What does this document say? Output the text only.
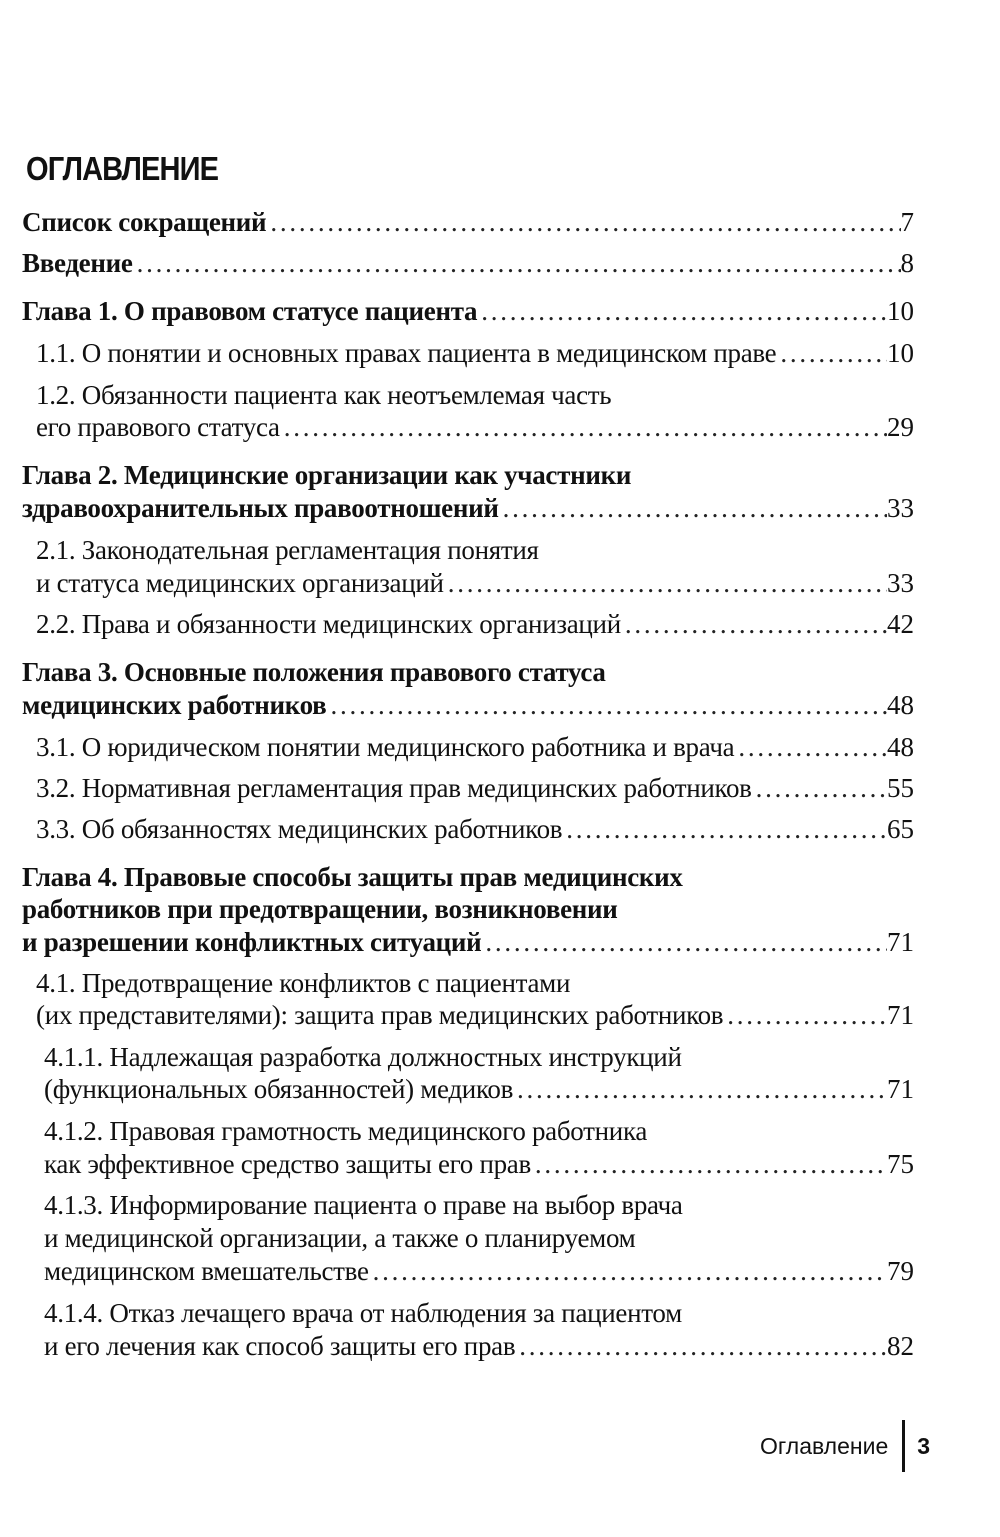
ОГЛАВЛЕНИЕ
Список сокращений . . .	7
Введение . . .	8
Глава 1. О правовом статусе пациента . . .	10
1.1. О понятии и основных правах пациента в медицинском праве . . .	10
1.2. Обязанности пациента как неотъемлемая часть
его правового статуса . . .	29
Глава 2. Медицинские организации как участники
здравоохранительных правоотношений . . .	33
2.1. Законодательная регламентация понятия
и статуса медицинских организаций . . .	33
2.2. Права и обязанности медицинских организаций . . .	42
Глава 3. Основные положения правового статуса
медицинских работников . . .	48
3.1. О юридическом понятии медицинского работника и врача . . .	48
3.2. Нормативная регламентация прав медицинских работников . . .	55
3.3. Об обязанностях медицинских работников . . .	65
Глава 4. Правовые способы защиты прав медицинских
работников при предотвращении, возникновении
и разрешении конфликтных ситуаций . . .	71
4.1. Предотвращение конфликтов с пациентами
(их представителями): защита прав медицинских работников . . .	71
4.1.1. Надлежащая разработка должностных инструкций
(функциональных обязанностей) медиков . . .	71
4.1.2. Правовая грамотность медицинского работника
как эффективное средство защиты его прав . . .	75
4.1.3. Информирование пациента о праве на выбор врача
и медицинской организации, а также о планируемом
медицинском вмешательстве . . .	79
4.1.4. Отказ лечащего врача от наблюдения за пациентом
и его лечения как способ защиты его прав . . .	82
Оглавление 3
